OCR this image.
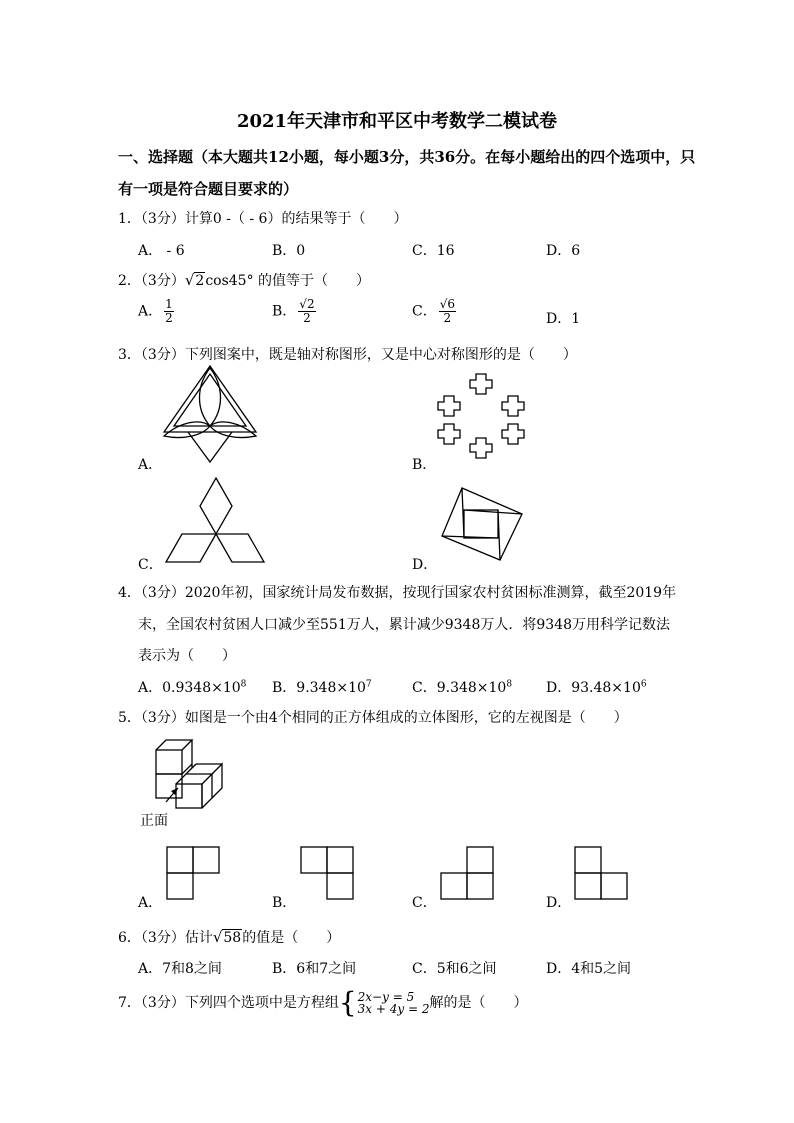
2021年天津市和平区中考数学二模试卷
一、选择题（本大题共12小题，每小题3分，共36分。在每小题给出的四个选项中，只
有一项是符合题目要求的）
1．（3分）计算0 -（ - 6）的结果等于（　　）
A． - 6	B．0	C．16	D．6
2．（3分）√2cos45° 的值等于（　　）
A． $\frac{1}{2}$	B． $\frac{√2}{2}$	C． $\frac{√6}{2}$	D．1
3．（3分）下列图案中，既是轴对称图形，又是中心对称图形的是（　　）
A．	B．
C．	D．
4．（3分）2020年初，国家统计局发布数据，按现行国家农村贫困标准测算，截至2019年
末，全国农村贫困人口减少至551万人，累计减少9348万人．将9348万用科学记数法
表示为（　　）
A．$0.9348\times 10^8$ B．$9.348\times 10^7$	C．$9.348\times 10^8$ D．$93.48\times 10^6$
5．（3分）如图是一个由4个相同的正方体组成的立体图形，它的左视图是（　　）
正面
A．	B．	C．	D．
6．（3分）估计√58的值是（　　）
A．7和8之间	B．6和7之间	C．5和6之间	D．4和5之间
7．（3分）下列四个选项中是方程组 { 2x−y = 5
3x + 4y = 2 解的是（　　）
